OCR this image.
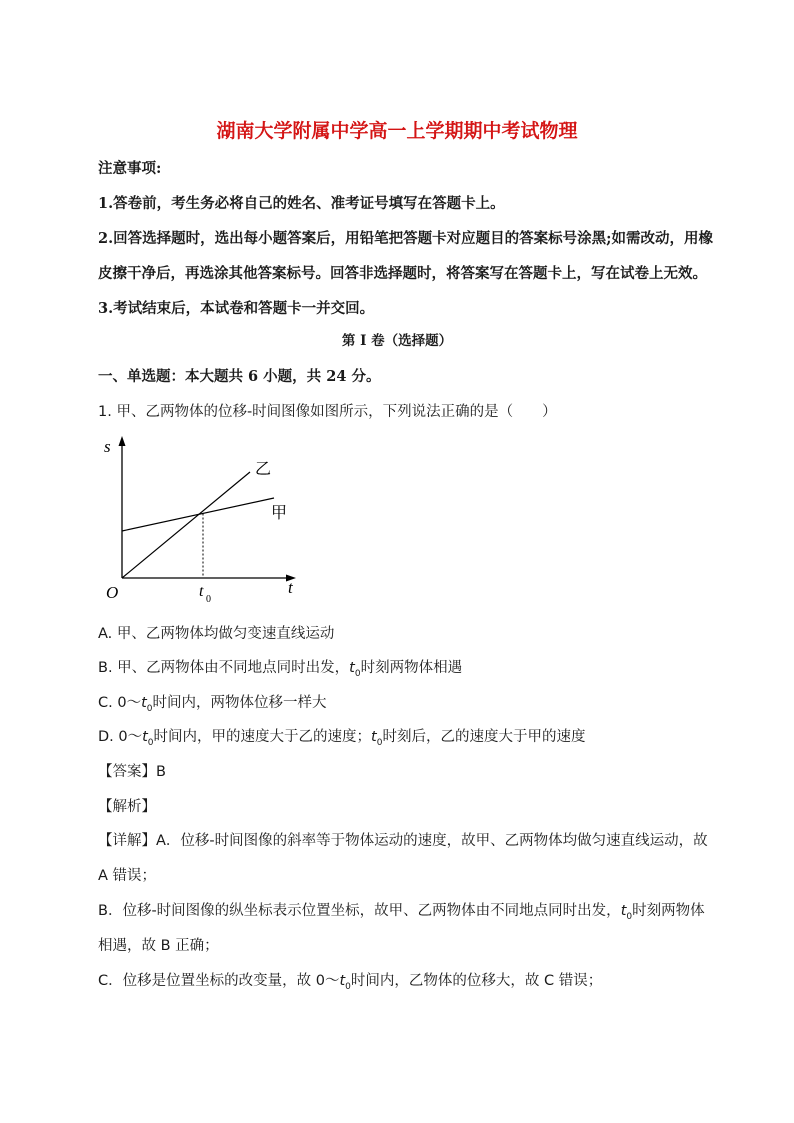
湖南大学附属中学高一上学期期中考试物理
注意事项:
1.答卷前，考生务必将自己的姓名、准考证号填写在答题卡上。
2.回答选择题时，选出每小题答案后，用铅笔把答题卡对应题目的答案标号涂黑;如需改动，用橡
皮擦干净后，再选涂其他答案标号。回答非选择题时，将答案写在答题卡上，写在试卷上无效。
3.考试结束后，本试卷和答题卡一并交回。
第 I 卷（选择题）
一、单选题：本大题共 6 小题，共 24 分。
1. 甲、乙两物体的位移-时间图像如图所示，下列说法正确的是（　　）
s
t
O	t 0
乙
甲
A. 甲、乙两物体均做匀变速直线运动
B. 甲、乙两物体由不同地点同时出发，$t_0$时刻两物体相遇
C. $0\sim t_0$时间内，两物体位移一样大
D. $0\sim t_0$时间内，甲的速度大于乙的速度；$t_0$时刻后，乙的速度大于甲的速度
【答案】B
【解析】
【详解】A．位移-时间图像的斜率等于物体运动的速度，故甲、乙两物体均做匀速直线运动，故
A 错误；
B．位移-时间图像的纵坐标表示位置坐标，故甲、乙两物体由不同地点同时出发，$t_0$时刻两物体
相遇，故 B 正确；
C．位移是位置坐标的改变量，故 $0\sim t_0$时间内，乙物体的位移大，故 C 错误；
